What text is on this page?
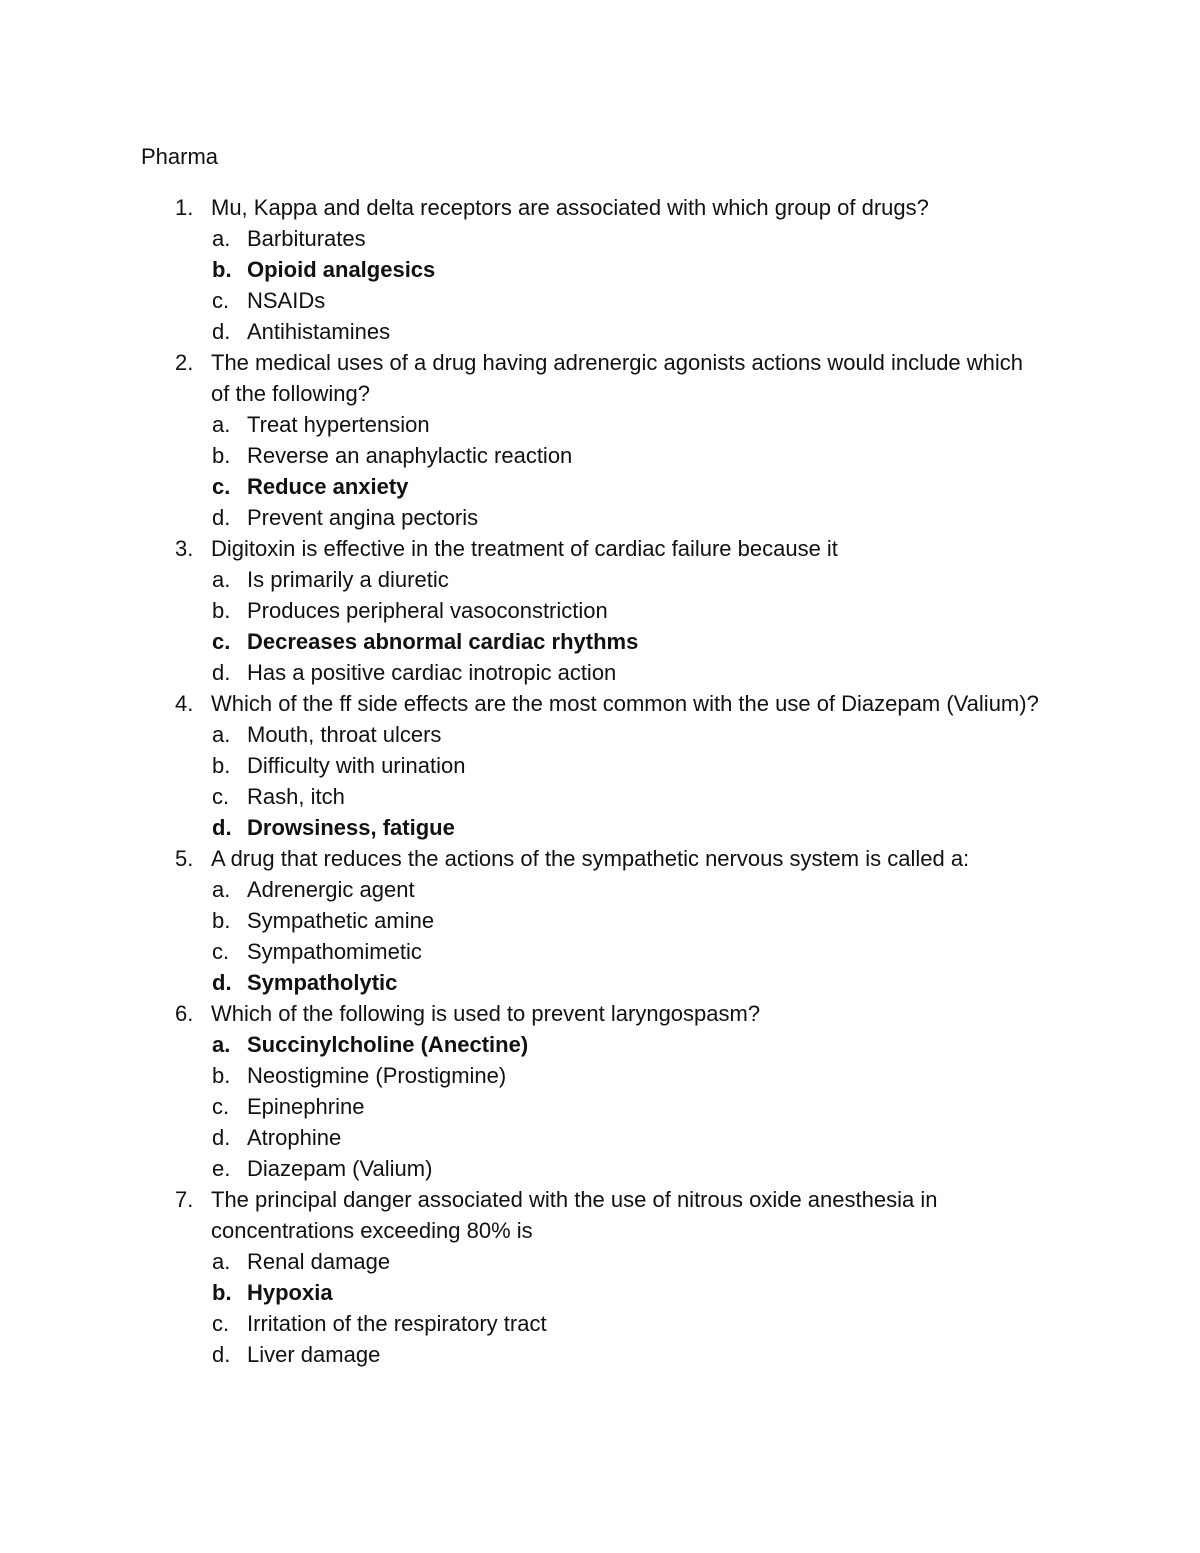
Pharma
1. Mu, Kappa and delta receptors are associated with which group of drugs?
a. Barbiturates
b. Opioid analgesics
c. NSAIDs
d. Antihistamines
2. The medical uses of a drug having adrenergic agonists actions would include which of the following?
a. Treat hypertension
b. Reverse an anaphylactic reaction
c. Reduce anxiety
d. Prevent angina pectoris
3. Digitoxin is effective in the treatment of cardiac failure because it
a. Is primarily a diuretic
b. Produces peripheral vasoconstriction
c. Decreases abnormal cardiac rhythms
d. Has a positive cardiac inotropic action
4. Which of the ff side effects are the most common with the use of Diazepam (Valium)?
a. Mouth, throat ulcers
b. Difficulty with urination
c. Rash, itch
d. Drowsiness, fatigue
5. A drug that reduces the actions of the sympathetic nervous system is called a:
a. Adrenergic agent
b. Sympathetic amine
c. Sympathomimetic
d. Sympatholytic
6. Which of the following is used to prevent laryngospasm?
a. Succinylcholine (Anectine)
b. Neostigmine (Prostigmine)
c. Epinephrine
d. Atrophine
e. Diazepam (Valium)
7. The principal danger associated with the use of nitrous oxide anesthesia in concentrations exceeding 80% is
a. Renal damage
b. Hypoxia
c. Irritation of the respiratory tract
d. Liver damage
